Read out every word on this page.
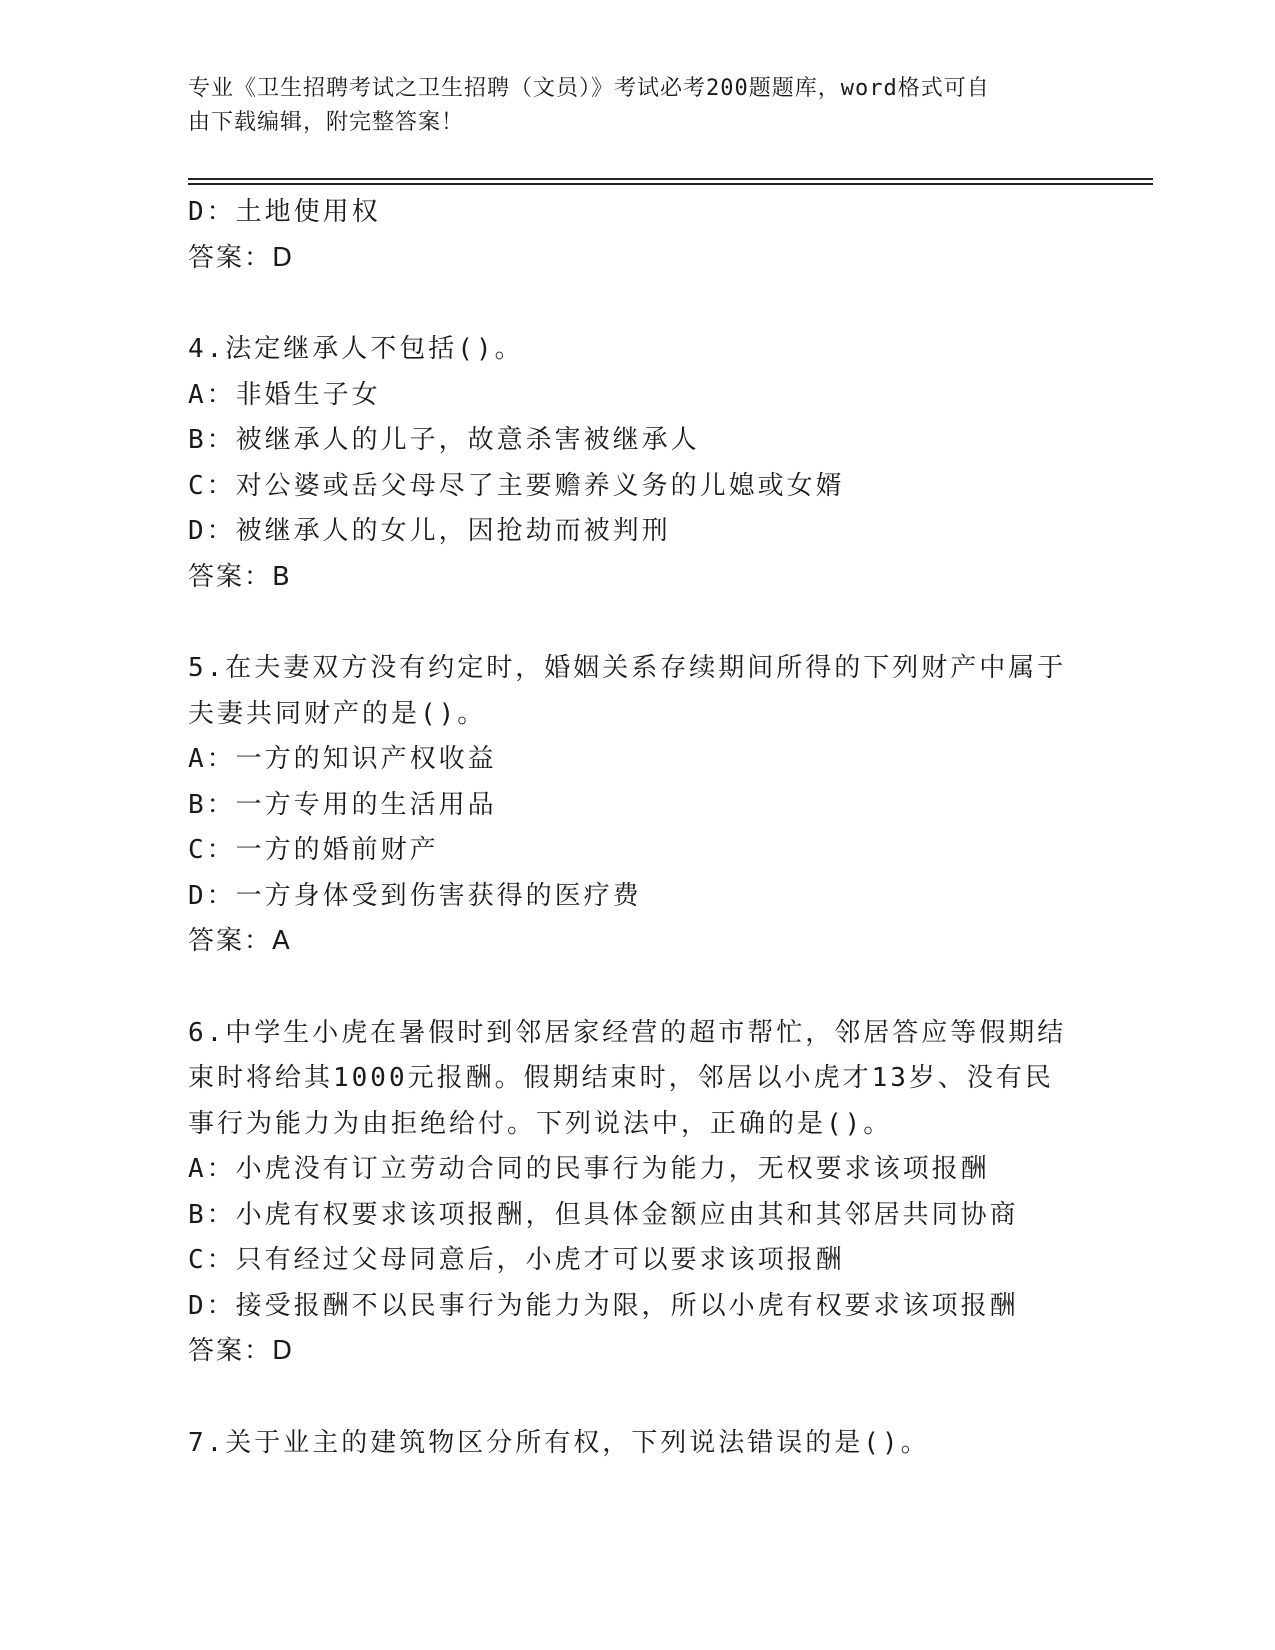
专业《卫生招聘考试之卫生招聘（文员）》考试必考200题题库，word格式可自
由下载编辑，附完整答案！
D：土地使用权
答案：D
4.法定继承人不包括()。
A：非婚生子女
B：被继承人的儿子，故意杀害被继承人
C：对公婆或岳父母尽了主要赡养义务的儿媳或女婿
D：被继承人的女儿，因抢劫而被判刑
答案：B
5.在夫妻双方没有约定时，婚姻关系存续期间所得的下列财产中属于
夫妻共同财产的是()。
A：一方的知识产权收益
B：一方专用的生活用品
C：一方的婚前财产
D：一方身体受到伤害获得的医疗费
答案：A
6.中学生小虎在暑假时到邻居家经营的超市帮忙，邻居答应等假期结
束时将给其1000元报酬。假期结束时，邻居以小虎才13岁、没有民
事行为能力为由拒绝给付。下列说法中，正确的是()。
A：小虎没有订立劳动合同的民事行为能力，无权要求该项报酬
B：小虎有权要求该项报酬，但具体金额应由其和其邻居共同协商
C：只有经过父母同意后，小虎才可以要求该项报酬
D：接受报酬不以民事行为能力为限，所以小虎有权要求该项报酬
答案：D
7.关于业主的建筑物区分所有权，下列说法错误的是()。
